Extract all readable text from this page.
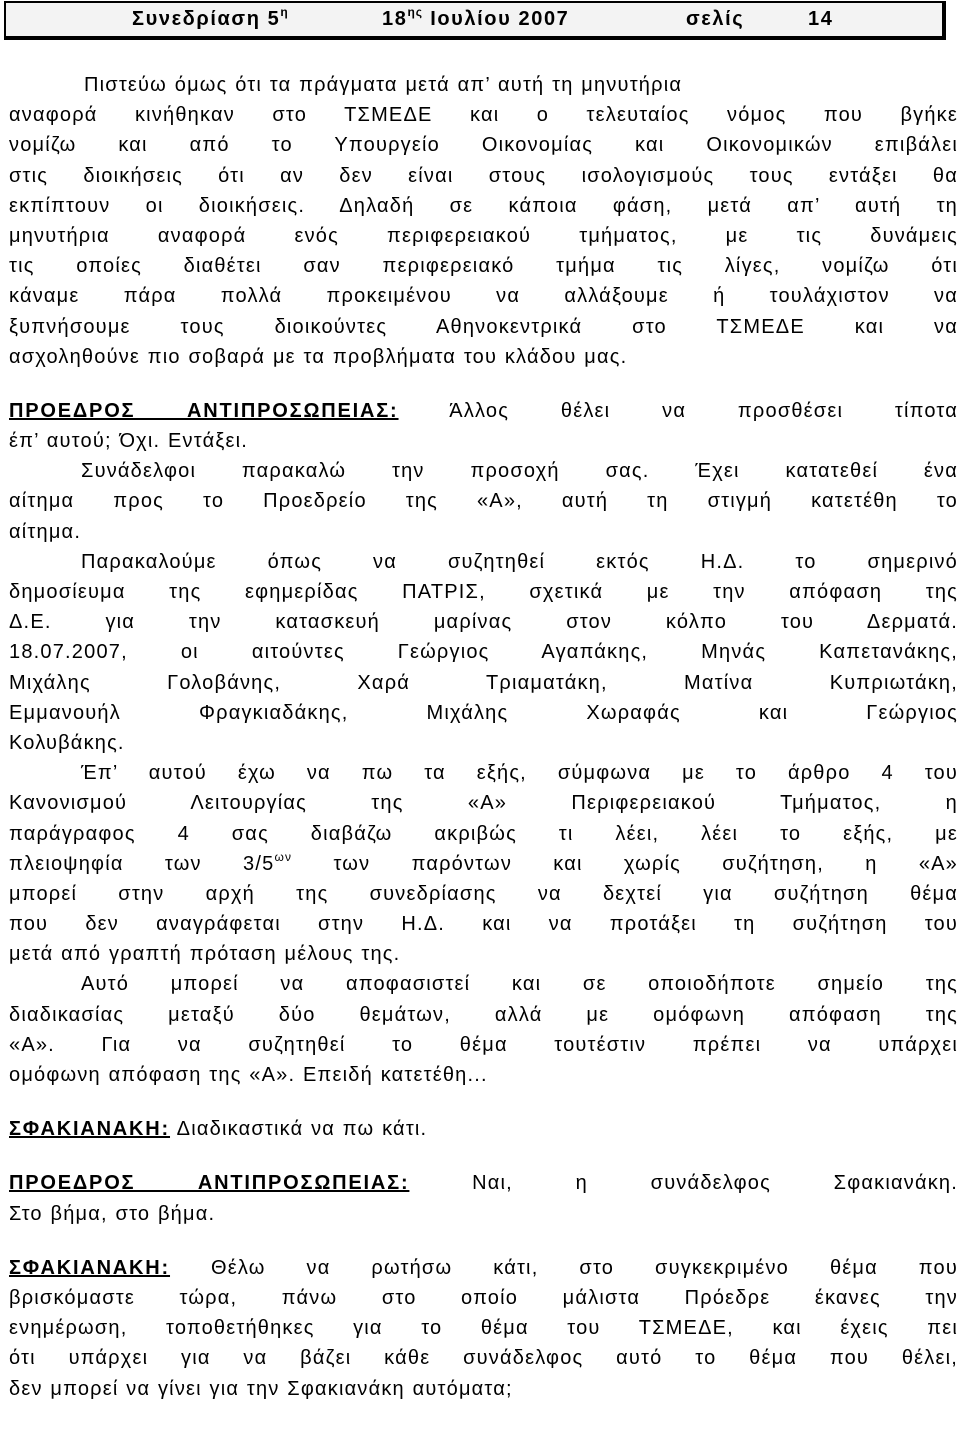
Συνεδρίαση $5^\eta$

	$18^{\eta\varsigma}$ Ιουλίου 2007

	σελίς

	14

Πιστεύω όμως ότι τα πράγματα μετά απ’ αυτή τη μηνυτήρια
αναφορά κινήθηκαν στο ΤΣΜΕΔΕ και ο τελευταίος νόμος που βγήκε
νομίζω και από το Υπουργείο Οικονομίας και Οικονομικών επιβάλει
στις διοικήσεις ότι αν δεν είναι στους ισολογισμούς τους εντάξει θα
εκπίπτουν οι διοικήσεις. Δηλαδή σε κάποια φάση, μετά απ’ αυτή τη
μηνυτήρια αναφορά ενός περιφερειακού τμήματος, με τις δυνάμεις
τις οποίες διαθέτει σαν περιφερειακό τμήμα τις λίγες, νομίζω ότι
κάναμε πάρα πολλά προκειμένου να αλλάξουμε ή τουλάχιστον να
ξυπνήσουμε τους διοικούντες Αθηνοκεντρικά στο ΤΣΜΕΔΕ και να
ασχοληθούνε πιο σοβαρά με τα προβλήματα του κλάδου μας.
ΠΡΟΕΔΡΟΣ ΑΝΤΙΠΡΟΣΩΠΕΙΑΣ:	Άλλος θέλει να προσθέσει τίποτα
έπ’ αυτού; Όχι. Εντάξει.
Συνάδελφοι παρακαλώ την προσοχή σας. Έχει κατατεθεί ένα
αίτημα προς το Προεδρείο της «Α», αυτή τη στιγμή κατετέθη το
αίτημα.
Παρακαλούμε όπως να συζητηθεί εκτός Η.Δ. το σημερινό
δημοσίευμα της εφημερίδας ΠΑΤΡΙΣ, σχετικά με την απόφαση της
Δ.Ε. για την κατασκευή μαρίνας στον κόλπο του Δερματά.
18.07.2007, οι αιτούντες Γεώργιος Αγαπάκης, Μηνάς Καπετανάκης,
Μιχάλης Γολοβάνης, Χαρά Τριαματάκη, Ματίνα Κυπριωτάκη,
Εμμανουήλ Φραγκιαδάκης, Μιχάλης Χωραφάς και Γεώργιος
Κολυβάκης.
Έπ’ αυτού έχω να πω τα εξής, σύμφωνα με το άρθρο 4 του
Κανονισμού Λειτουργίας της «Α» Περιφερειακού Τμήματος, η
παράγραφος 4 σας διαβάζω ακριβώς τι λέει, λέει το εξής, με
πλειοψηφία των $3/5^{\omega\nu}$ των παρόντων και χωρίς συζήτηση, η «Α»
μπορεί στην αρχή της συνεδρίασης να δεχτεί για συζήτηση θέμα
που δεν αναγράφεται στην Η.Δ. και να προτάξει τη συζήτηση του
μετά από γραπτή πρόταση μέλους της.
Αυτό μπορεί να αποφασιστεί και σε οποιοδήποτε σημείο της
διαδικασίας μεταξύ δύο θεμάτων, αλλά με ομόφωνη απόφαση της
«Α». Για να συζητηθεί το θέμα τουτέστιν πρέπει να υπάρχει
ομόφωνη απόφαση της «Α». Επειδή κατετέθη...
ΣΦΑΚΙΑΝΑΚΗ: Διαδικαστικά να πω κάτι.
ΠΡΟΕΔΡΟΣ ΑΝΤΙΠΡΟΣΩΠΕΙΑΣ:	Ναι, η συνάδελφος Σφακιανάκη.
Στο βήμα, στο βήμα.
ΣΦΑΚΙΑΝΑΚΗ: Θέλω να ρωτήσω κάτι, στο συγκεκριμένο θέμα που
βρισκόμαστε τώρα, πάνω στο οποίο μάλιστα Πρόεδρε έκανες την
ενημέρωση, τοποθετήθηκες για το θέμα του ΤΣΜΕΔΕ, και έχεις πει
ότι υπάρχει για να βάζει κάθε συνάδελφος αυτό το θέμα που θέλει,
δεν μπορεί να γίνει για την Σφακιανάκη αυτόματα;
